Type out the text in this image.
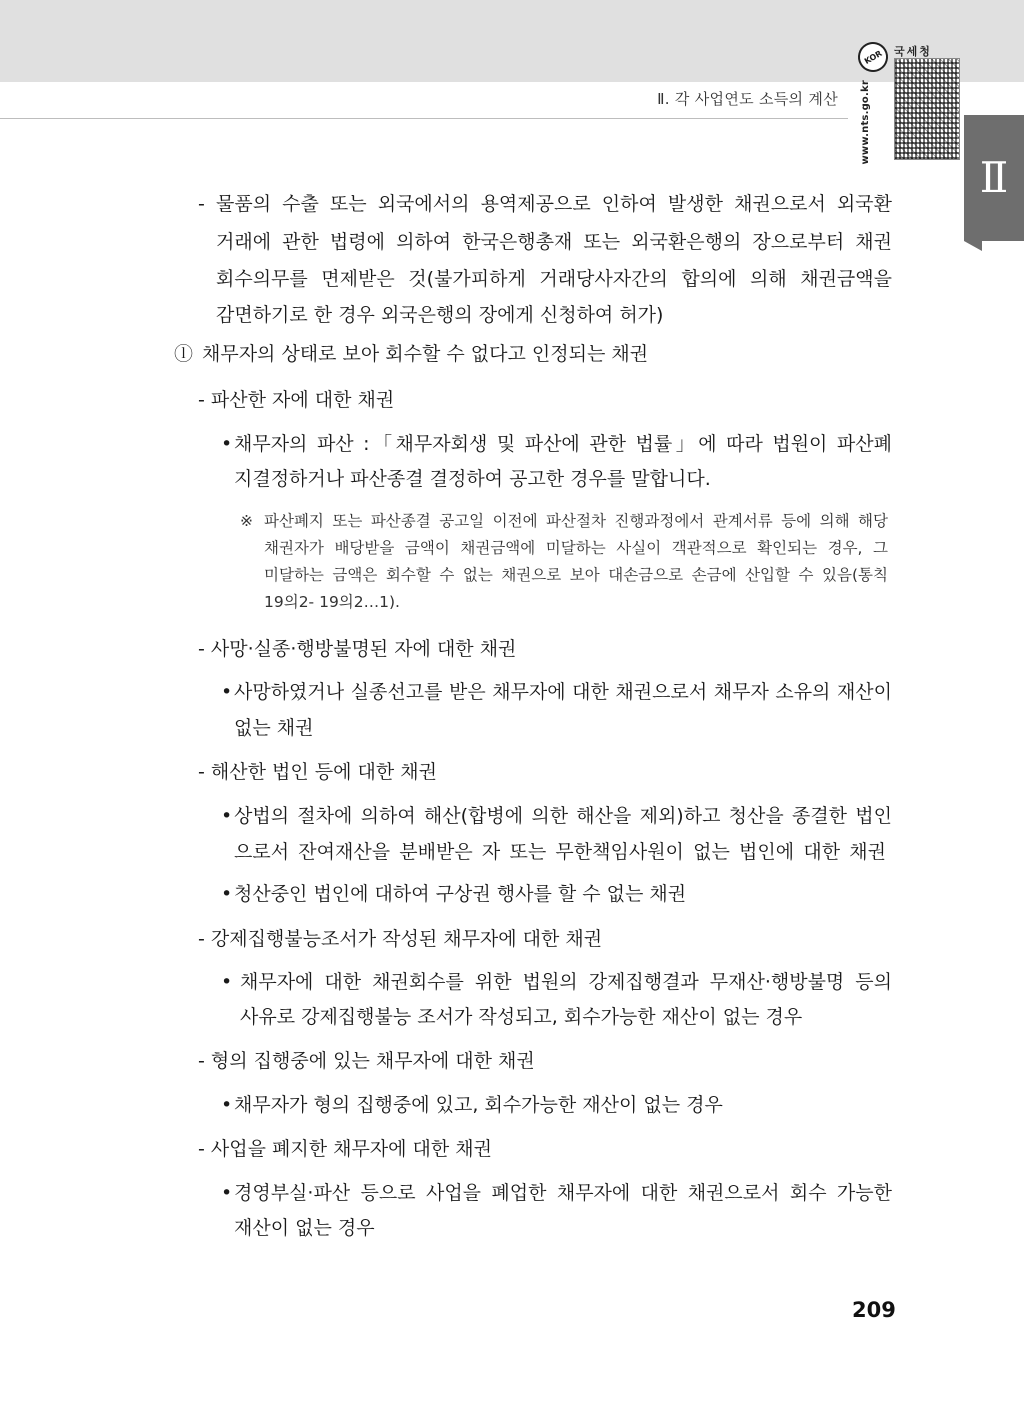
Ⅱ. 각 사업연도 소득의 계산
KOR
www.nts.go.kr
국세청
Ⅱ
- 물품의 수출 또는 외국에서의 용역제공으로 인하여 발생한 채권으로서 외국환
거래에 관한 법령에 의하여 한국은행총재 또는 외국환은행의 장으로부터 채권
회수의무를 면제받은 것(불가피하게 거래당사자간의 합의에 의해 채권금액을
감면하기로 한 경우 외국은행의 장에게 신청하여 허가)
ⓛ 채무자의 상태로 보아 회수할 수 없다고 인정되는 채권
- 파산한 자에 대한 채권
• 채무자의 파산 :「채무자회생 및 파산에 관한 법률」에 따라 법원이 파산폐
지결정하거나 파산종결 결정하여 공고한 경우를 말합니다.
※ 파산폐지 또는 파산종결 공고일 이전에 파산절차 진행과정에서 관계서류 등에 의해 해당
채권자가 배당받을 금액이 채권금액에 미달하는 사실이 객관적으로 확인되는 경우, 그
미달하는 금액은 회수할 수 없는 채권으로 보아 대손금으로 손금에 산입할 수 있음(통칙
19의2- 19의2…1).
- 사망·실종·행방불명된 자에 대한 채권
• 사망하였거나 실종선고를 받은 채무자에 대한 채권으로서 채무자 소유의 재산이
없는 채권
- 해산한 법인 등에 대한 채권
• 상법의 절차에 의하여 해산(합병에 의한 해산을 제외)하고 청산을 종결한 법인
으로서 잔여재산을 분배받은 자 또는 무한책임사원이 없는 법인에 대한 채권
• 청산중인 법인에 대하여 구상권 행사를 할 수 없는 채권
- 강제집행불능조서가 작성된 채무자에 대한 채권
• 채무자에 대한 채권회수를 위한 법원의 강제집행결과 무재산·행방불명 등의
사유로 강제집행불능 조서가 작성되고, 회수가능한 재산이 없는 경우
- 형의 집행중에 있는 채무자에 대한 채권
• 채무자가 형의 집행중에 있고, 회수가능한 재산이 없는 경우
- 사업을 폐지한 채무자에 대한 채권
• 경영부실·파산 등으로 사업을 폐업한 채무자에 대한 채권으로서 회수 가능한
재산이 없는 경우
209
